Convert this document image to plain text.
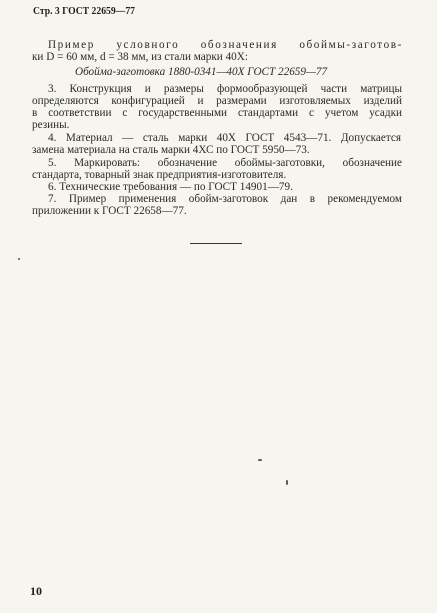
Стр. 3 ГОСТ 22659—77
Пример условного обозначения обоймы-заготов-
ки D = 60 мм, d = 38 мм, из стали марки 40Х:
Обойма-заготовка 1880-0341—40Х ГОСТ 22659—77
3. Конструкция и размеры формообразующей части матрицы
определяются конфигурацией и размерами изготовляемых изделий
в соответствии с государственными стандартами с учетом усадки
резины.
4. Материал — сталь марки 40Х ГОСТ 4543—71. Допускается
замена материала на сталь марки 4ХС по ГОСТ 5950—73.
5. Маркировать: обозначение обоймы-заготовки, обозначение
стандарта, товарный знак предприятия-изготовителя.
6. Технические требования — по ГОСТ 14901—79.
7. Пример применения обойм-заготовок дан в рекомендуемом
приложении к ГОСТ 22658—77.
10
